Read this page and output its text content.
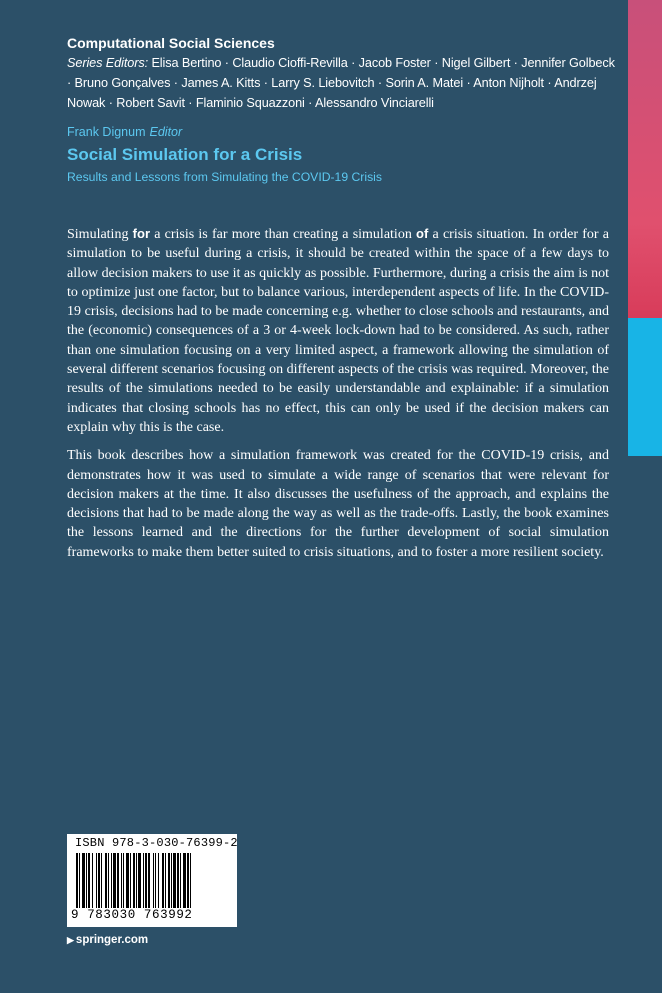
Computational Social Sciences

Series Editors: Elisa Bertino · Claudio Cioffi-Revilla · Jacob Foster · Nigel Gilbert · Jennifer Golbeck · Bruno Gonçalves · James A. Kitts · Larry S. Liebovitch · Sorin A. Matei · Anton Nijholt · Andrzej Nowak · Robert Savit · Flaminio Squazzoni · Alessandro Vinciarelli

Frank Dignum Editor

Social Simulation for a Crisis

Results and Lessons from Simulating the COVID-19 Crisis

Simulating for a crisis is far more than creating a simulation of a crisis situation. In order for a simulation to be useful during a crisis, it should be created within the space of a few days to allow decision makers to use it as quickly as possible. Furthermore, during a crisis the aim is not to optimize just one factor, but to balance various, interdependent aspects of life. In the COVID-19 crisis, decisions had to be made concerning e.g. whether to close schools and restaurants, and the (economic) consequences of a 3 or 4-week lock-down had to be considered. As such, rather than one simulation focusing on a very limited aspect, a framework allowing the simulation of several different scenarios focusing on different aspects of the crisis was required. Moreover, the results of the simulations needed to be easily understandable and explainable: if a simulation indicates that closing schools has no effect, this can only be used if the decision makers can explain why this is the case.

This book describes how a simulation framework was created for the COVID-19 crisis, and demonstrates how it was used to simulate a wide range of scenarios that were relevant for decision makers at the time. It also discusses the usefulness of the approach, and explains the decisions that had to be made along the way as well as the trade-offs. Lastly, the book examines the lessons learned and the directions for the further development of social simulation frameworks to make them better suited to crisis situations, and to foster a more resilient society.

ISBN 978-3-030-76399-2
9 783030 763992
▶ springer.com
